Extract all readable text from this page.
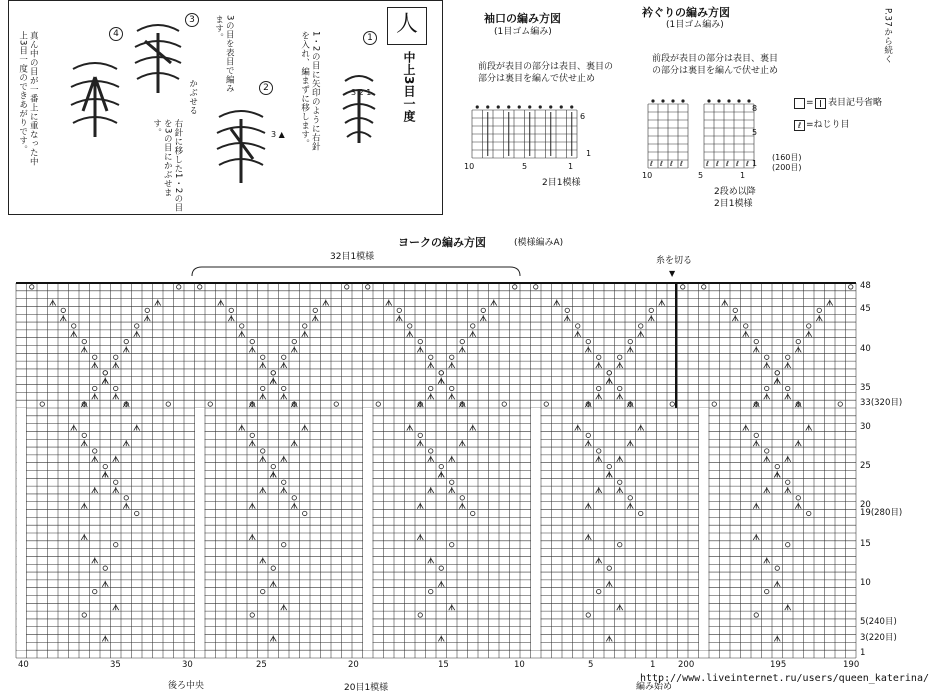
人
中上3目一度
1
1・2の目に矢印のように右針を入れ、編まずに移します。	3 2 1
2
右針に移した1・2の目を3の目にかぶせます。	3 ▲
3	3の目を表目で編みます。
かぶせる
4
真ん中の目が一番上に重なった中上3目一度のできあがりです。	P.37から続く
袖口の編み方図
(1目ゴム編み)
前段が表目の部分は表目、裏目の部分は裏目を編んで伏せ止め
6
1
10	5	1
2目1模様
衿ぐりの編み方図
(1目ゴム編み)
前段が表目の部分は表目、裏目の部分は裏目を編んで伏せ止め
ℓ ℓ ℓ ℓ	ℓ ℓ ℓ ℓ ℓ
8
5
1
(160目)
(200目)
10	5	1
2段め以降
2目1模様
= 表目記号省略
ℓ =ねじり目
ヨークの編み方図	(模様編みA)
32目1模様	糸を切る
▼
48
45
40
35
33(320目)
30
25
20
19(280目)
15
10
5(240目)
3(220目)
1
40	35	30	25	20	15	10	5	1	200	195	190
後ろ中央	20目1模様	編み始め
http://www.liveinternet.ru/users/queen_katerina/
